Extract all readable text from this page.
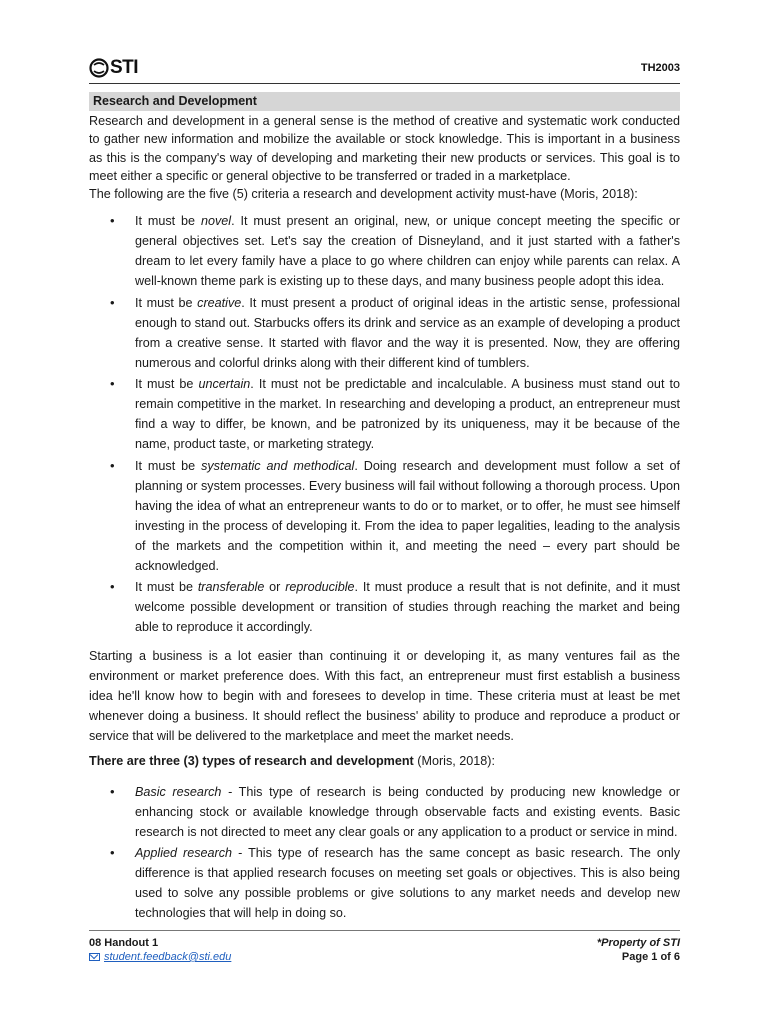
STI	TH2003
Research and Development

Research and development in a general sense is the method of creative and systematic work conducted to gather new information and mobilize the available or stock knowledge. This is important in a business as this is the company's way of developing and marketing their new products or services. This goal is to meet either a specific or general objective to be transferred or traded in a marketplace.

The following are the five (5) criteria a research and development activity must-have (Moris, 2018):

• It must be novel. It must present an original, new, or unique concept meeting the specific or general objectives set. Let's say the creation of Disneyland, and it just started with a father's dream to let every family have a place to go where children can enjoy while parents can relax. A well-known theme park is existing up to these days, and many business people adopt this idea.
• It must be creative. It must present a product of original ideas in the artistic sense, professional enough to stand out. Starbucks offers its drink and service as an example of developing a product from a creative sense. It started with flavor and the way it is presented. Now, they are offering numerous and colorful drinks along with their different kind of tumblers.
• It must be uncertain. It must not be predictable and incalculable. A business must stand out to remain competitive in the market. In researching and developing a product, an entrepreneur must find a way to differ, be known, and be patronized by its uniqueness, may it be because of the name, product taste, or marketing strategy.
• It must be systematic and methodical. Doing research and development must follow a set of planning or system processes. Every business will fail without following a thorough process. Upon having the idea of what an entrepreneur wants to do or to market, or to offer, he must see himself investing in the process of developing it. From the idea to paper legalities, leading to the analysis of the markets and the competition within it, and meeting the need – every part should be acknowledged.
• It must be transferable or reproducible. It must produce a result that is not definite, and it must welcome possible development or transition of studies through reaching the market and being able to reproduce it accordingly.

Starting a business is a lot easier than continuing it or developing it, as many ventures fail as the environment or market preference does. With this fact, an entrepreneur must first establish a business idea he'll know how to begin with and foresees to develop in time. These criteria must at least be met whenever doing a business. It should reflect the business' ability to produce and reproduce a product or service that will be delivered to the marketplace and meet the market needs.

There are three (3) types of research and development (Moris, 2018):

• Basic research - This type of research is being conducted by producing new knowledge or enhancing stock or available knowledge through observable facts and existing events. Basic research is not directed to meet any clear goals or any application to a product or service in mind.
• Applied research - This type of research has the same concept as basic research. The only difference is that applied research focuses on meeting set goals or objectives. This is also being used to solve any possible problems or give solutions to any market needs and develop new technologies that will help in doing so.
08 Handout 1
student.feedback@sti.edu
*Property of STI
Page 1 of 6
